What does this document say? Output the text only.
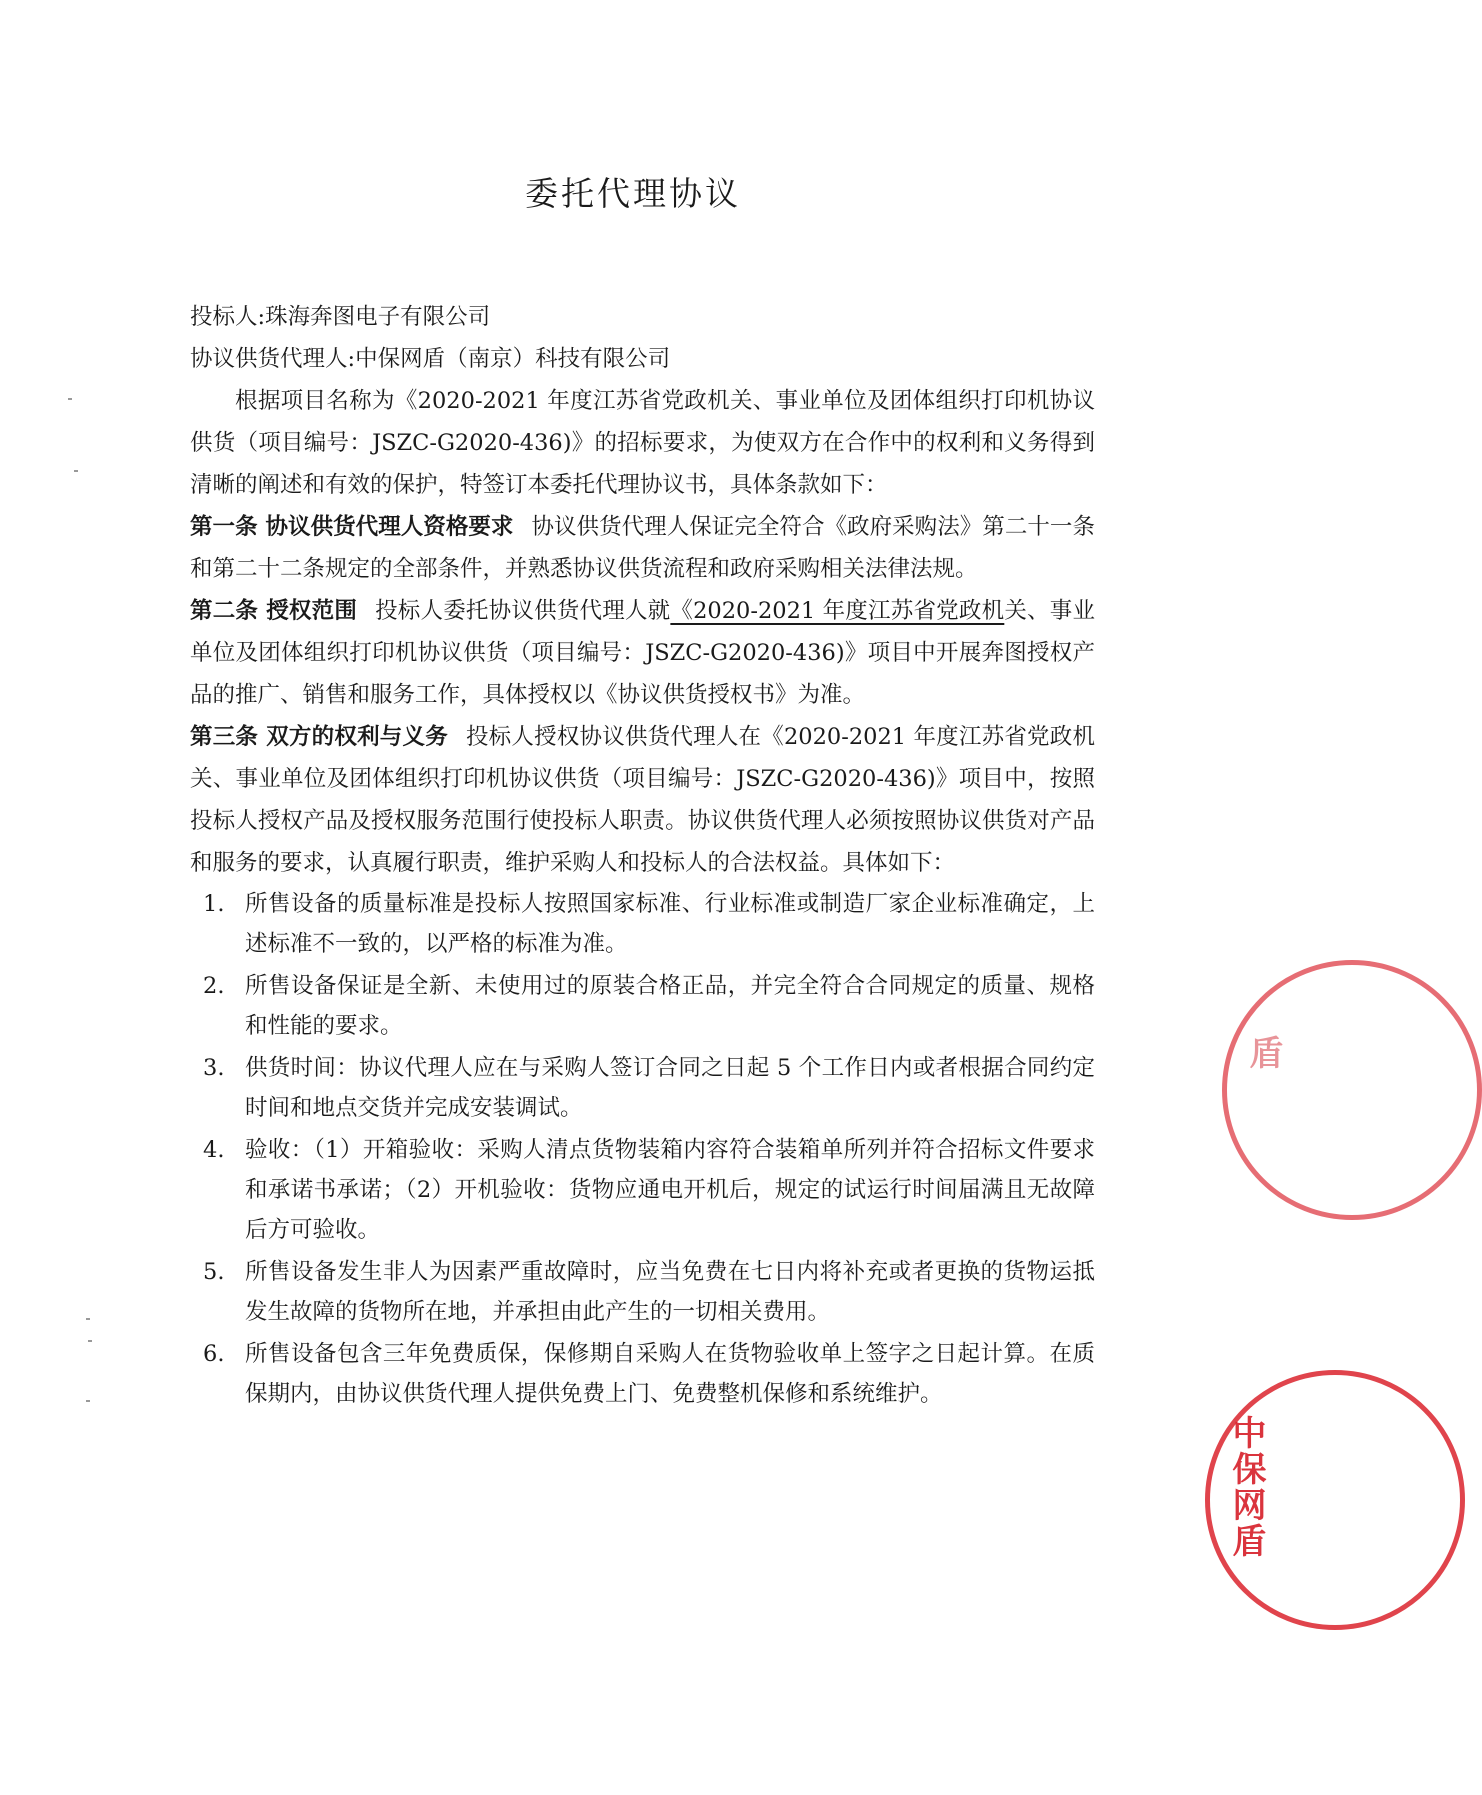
委托代理协议

投标人:珠海奔图电子有限公司

协议供货代理人:中保网盾（南京）科技有限公司

根据项目名称为《2020-2021 年度江苏省党政机关、事业单位及团体组织打印机协议供货（项目编号：JSZC-G2020-436)》的招标要求，为使双方在合作中的权利和义务得到清晰的阐述和有效的保护，特签订本委托代理协议书，具体条款如下：

第一条 协议供货代理人资格要求 协议供货代理人保证完全符合《政府采购法》第二十一条和第二十二条规定的全部条件，并熟悉协议供货流程和政府采购相关法律法规。

第二条 授权范围 投标人委托协议供货代理人就《2020-2021 年度江苏省党政机关、事业单位及团体组织打印机协议供货（项目编号：JSZC-G2020-436)》项目中开展奔图授权产品的推广、销售和服务工作，具体授权以《协议供货授权书》为准。

第三条 双方的权利与义务 投标人授权协议供货代理人在《2020-2021 年度江苏省党政机关、事业单位及团体组织打印机协议供货（项目编号：JSZC-G2020-436)》项目中，按照投标人授权产品及授权服务范围行使投标人职责。协议供货代理人必须按照协议供货对产品和服务的要求，认真履行职责，维护采购人和投标人的合法权益。具体如下：

1. 所售设备的质量标准是投标人按照国家标准、行业标准或制造厂家企业标准确定，上述标准不一致的，以严格的标准为准。
2. 所售设备保证是全新、未使用过的原装合格正品，并完全符合合同规定的质量、规格和性能的要求。
3. 供货时间：协议代理人应在与采购人签订合同之日起 5 个工作日内或者根据合同约定时间和地点交货并完成安装调试。
4. 验收：（1）开箱验收：采购人清点货物装箱内容符合装箱单所列并符合招标文件要求和承诺书承诺；（2）开机验收：货物应通电开机后，规定的试运行时间届满且无故障后方可验收。
5. 所售设备发生非人为因素严重故障时，应当免费在七日内将补充或者更换的货物运抵发生故障的货物所在地，并承担由此产生的一切相关费用。
6. 所售设备包含三年免费质保，保修期自采购人在货物验收单上签字之日起计算。在质保期内，由协议供货代理人提供免费上门、免费整机保修和系统维护。
盾
中保网盾
